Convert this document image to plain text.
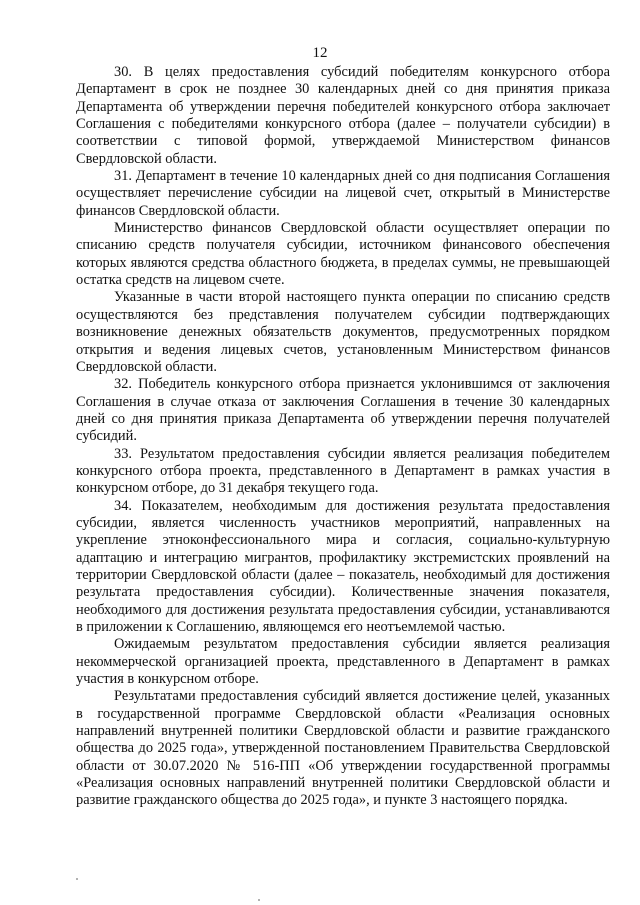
12

30. В целях предоставления субсидий победителям конкурсного отбора Департамент в срок не позднее 30 календарных дней со дня принятия приказа Департамента об утверждении перечня победителей конкурсного отбора заключает Соглашения с победителями конкурсного отбора (далее – получатели субсидии) в соответствии с типовой формой, утверждаемой Министерством финансов Свердловской области.

31. Департамент в течение 10 календарных дней со дня подписания Соглашения осуществляет перечисление субсидии на лицевой счет, открытый в Министерстве финансов Свердловской области.

Министерство финансов Свердловской области осуществляет операции по списанию средств получателя субсидии, источником финансового обеспечения которых являются средства областного бюджета, в пределах суммы, не превышающей остатка средств на лицевом счете.

Указанные в части второй настоящего пункта операции по списанию средств осуществляются без представления получателем субсидии подтверждающих возникновение денежных обязательств документов, предусмотренных порядком открытия и ведения лицевых счетов, установленным Министерством финансов Свердловской области.

32. Победитель конкурсного отбора признается уклонившимся от заключения Соглашения в случае отказа от заключения Соглашения в течение 30 календарных дней со дня принятия приказа Департамента об утверждении перечня получателей субсидий.

33. Результатом предоставления субсидии является реализация победителем конкурсного отбора проекта, представленного в Департамент в рамках участия в конкурсном отборе, до 31 декабря текущего года.

34. Показателем, необходимым для достижения результата предоставления субсидии, является численность участников мероприятий, направленных на укрепление этноконфессионального мира и согласия, социально-культурную адаптацию и интеграцию мигрантов, профилактику экстремистских проявлений на территории Свердловской области (далее – показатель, необходимый для достижения результата предоставления субсидии). Количественные значения показателя, необходимого для достижения результата предоставления субсидии, устанавливаются в приложении к Соглашению, являющемся его неотъемлемой частью.

Ожидаемым результатом предоставления субсидии является реализация некоммерческой организацией проекта, представленного в Департамент в рамках участия в конкурсном отборе.

Результатами предоставления субсидий является достижение целей, указанных в государственной программе Свердловской области «Реализация основных направлений внутренней политики Свердловской области и развитие гражданского общества до 2025 года», утвержденной постановлением Правительства Свердловской области от 30.07.2020 № 516-ПП «Об утверждении государственной программы «Реализация основных направлений внутренней политики Свердловской области и развитие гражданского общества до 2025 года», и пункте 3 настоящего порядка.
